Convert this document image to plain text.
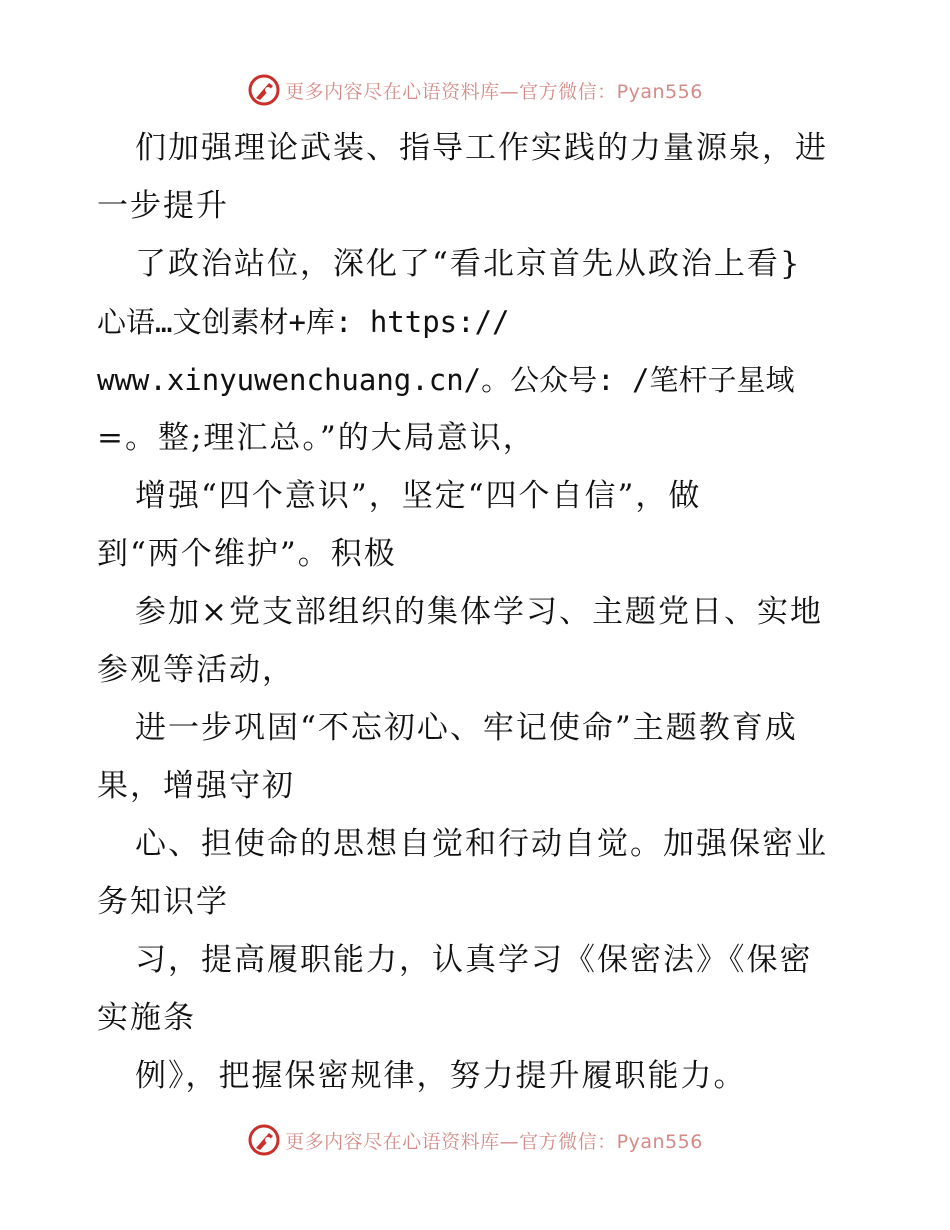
更多内容尽在心语资料库—官方微信：Pyan556
们加强理论武装、指导工作实践的力量源泉，进
一步提升
了政治站位，深化了“看北京首先从政治上看}
心语…文创素材+库: https://
www.xinyuwenchuang.cn/。公众号: /笔杆子星域
=。整;理汇总。”的大局意识，
增强“四个意识”，坚定“四个自信”，做
到“两个维护”。积极
参加×党支部组织的集体学习、主题党日、实地
参观等活动，
进一步巩固“不忘初心、牢记使命”主题教育成
果，增强守初
心、担使命的思想自觉和行动自觉。加强保密业
务知识学
习，提高履职能力，认真学习《保密法》《保密
实施条
例》，把握保密规律，努力提升履职能力。
更多内容尽在心语资料库—官方微信：Pyan556
